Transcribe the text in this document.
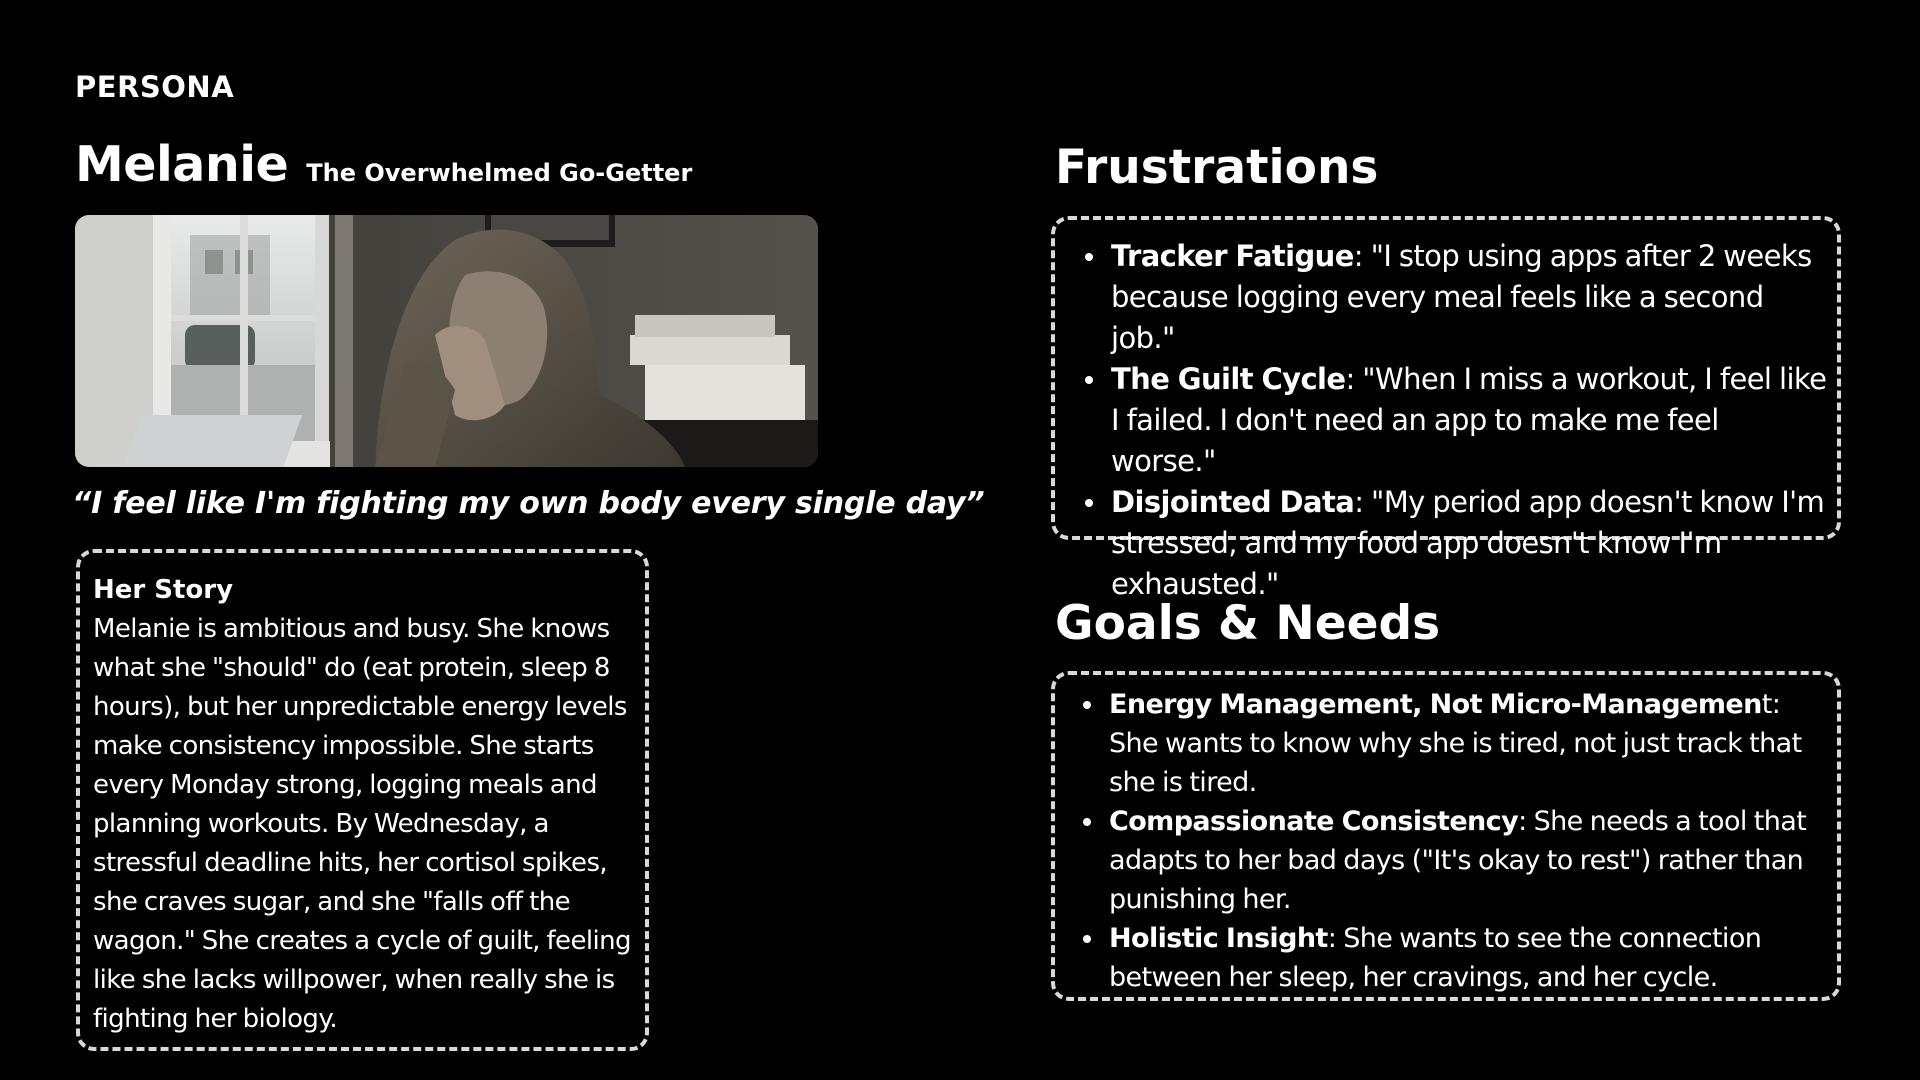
PERSONA
Melanie The Overwhelmed Go-Getter
“I feel like I'm fighting my own body every single day”

Her Story

Melanie is ambitious and busy. She knows what she "should" do (eat protein, sleep 8 hours), but her unpredictable energy levels make consistency impossible. She starts every Monday strong, logging meals and planning workouts. By Wednesday, a stressful deadline hits, her cortisol spikes, she craves sugar, and she "falls off the wagon." She creates a cycle of guilt, feeling like she lacks willpower, when really she is fighting her biology.

Frustrations
Tracker Fatigue: "I stop using apps after 2 weeks because logging every meal feels like a second job."
The Guilt Cycle: "When I miss a workout, I feel like I failed. I don't need an app to make me feel worse."
Disjointed Data: "My period app doesn't know I'm stressed, and my food app doesn't know I'm exhausted."
Goals & Needs
Energy Management, Not Micro-Management: She wants to know why she is tired, not just track that she is tired.
Compassionate Consistency: She needs a tool that adapts to her bad days ("It's okay to rest") rather than punishing her.
Holistic Insight: She wants to see the connection between her sleep, her cravings, and her cycle.
